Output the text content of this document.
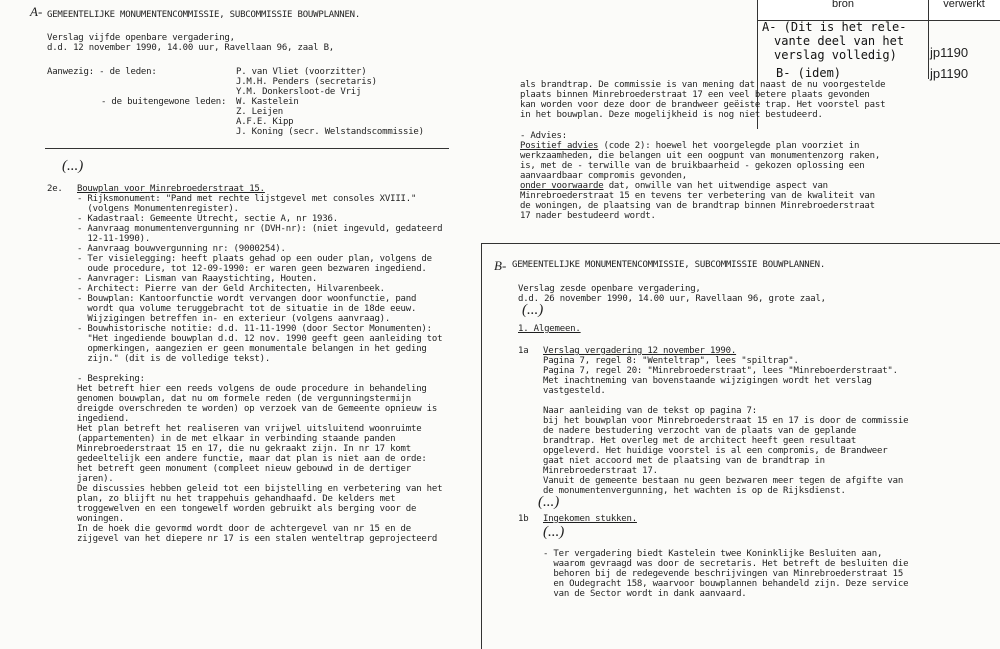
bron	verwerkt
A- (Dit is het rele-
vante deel van het
verslag volledig)
B- (idem)
jp1190
jp1190
A- GEMEENTELIJKE MONUMENTENCOMMISSIE, SUBCOMMISSIE BOUWPLANNEN.
Verslag vijfde openbare vergadering,
d.d. 12 november 1990, 14.00 uur, Ravellaan 96, zaal B,
Aanwezig: - de leden:
- de buitengewone leden:
P. van Vliet (voorzitter)
J.M.H. Penders (secretaris)
Y.M. Donkersloot-de Vrij
W. Kastelein
Z. Leijen
A.F.E. Kipp
J. Koning (secr. Welstandscommissie)
(...)
2e. Bouwplan voor Minrebroederstraat 15.
- Rijksmonument: "Pand met rechte lijstgevel met consoles XVIII."
(volgens Monumentenregister).
- Kadastraal: Gemeente Utrecht, sectie A, nr 1936.
- Aanvraag monumentenvergunning nr (DVH-nr): (niet ingevuld, gedateerd
12-11-1990).
- Aanvraag bouwvergunning nr: (9000254).
- Ter visielegging: heeft plaats gehad op een ouder plan, volgens de
oude procedure, tot 12-09-1990: er waren geen bezwaren ingediend.
- Aanvrager: Lisman van Raaystichting, Houten.
- Architect: Pierre van der Geld Architecten, Hilvarenbeek.
- Bouwplan: Kantoorfunctie wordt vervangen door woonfunctie, pand
wordt qua volume teruggebracht tot de situatie in de 18de eeuw.
Wijzigingen betreffen in- en exterieur (volgens aanvraag).
- Bouwhistorische notitie: d.d. 11-11-1990 (door Sector Monumenten):
"Het ingediende bouwplan d.d. 12 nov. 1990 geeft geen aanleiding tot
opmerkingen, aangezien er geen monumentale belangen in het geding
zijn." (dit is de volledige tekst).

- Bespreking:
Het betreft hier een reeds volgens de oude procedure in behandeling
genomen bouwplan, dat nu om formele reden (de vergunningstermijn
dreigde overschreden te worden) op verzoek van de Gemeente opnieuw is
ingediend.
Het plan betreft het realiseren van vrijwel uitsluitend woonruimte
(appartementen) in de met elkaar in verbinding staande panden
Minrebroederstraat 15 en 17, die nu gekraakt zijn. In nr 17 komt
gedeeltelijk een andere functie, maar dat plan is niet aan de orde:
het betreft geen monument (compleet nieuw gebouwd in de dertiger
jaren).
De discussies hebben geleid tot een bijstelling en verbetering van het
plan, zo blijft nu het trappehuis gehandhaafd. De kelders met
troggewelven en een tongewelf worden gebruikt als berging voor de
woningen.
In de hoek die gevormd wordt door de achtergevel van nr 15 en de
zijgevel van het diepere nr 17 is een stalen wenteltrap geprojecteerd
als brandtrap. De commissie is van mening dat naast de nu voorgestelde
plaats binnen Minrebroederstraat 17 een veel betere plaats gevonden
kan worden voor deze door de brandweer geëiste trap. Het voorstel past
in het bouwplan. Deze mogelijkheid is nog niet bestudeerd.
- Advies:
Positief advies (code 2): hoewel het voorgelegde plan voorziet in
werkzaamheden, die belangen uit een oogpunt van monumentenzorg raken,
is, met de - terwille van de bruikbaarheid - gekozen oplossing een
aanvaardbaar compromis gevonden,
onder voorwaarde dat, onwille van het uitwendige aspect van
Minrebroederstraat 15 en tevens ter verbetering van de kwaliteit van
de woningen, de plaatsing van de brandtrap binnen Minrebroederstraat
17 nader bestudeerd wordt.
B- GEMEENTELIJKE MONUMENTENCOMMISSIE, SUBCOMMISSIE BOUWPLANNEN.
Verslag zesde openbare vergadering,
d.d. 26 november 1990, 14.00 uur, Ravellaan 96, grote zaal,
(...)
1. Algemeen.
1a Verslag vergadering 12 november 1990.
Pagina 7, regel 8: "Wenteltrap", lees "spiltrap".
Pagina 7, regel 20: "Minrebroederstraat", lees "Minreboerderstraat".
Met inachtneming van bovenstaande wijzigingen wordt het verslag
vastgesteld.

Naar aanleiding van de tekst op pagina 7:
bij het bouwplan voor Minrebroederstraat 15 en 17 is door de commissie
de nadere bestudering verzocht van de plaats van de geplande
brandtrap. Het overleg met de architect heeft geen resultaat
opgeleverd. Het huidige voorstel is al een compromis, de Brandweer
gaat niet accoord met de plaatsing van de brandtrap in
Minrebroederstraat 17.
Vanuit de gemeente bestaan nu geen bezwaren meer tegen de afgifte van
de monumentenvergunning, het wachten is op de Rijksdienst.
(...)
1b Ingekomen stukken.
(...)
- Ter vergadering biedt Kastelein twee Koninklijke Besluiten aan,
waarom gevraagd was door de secretaris. Het betreft de besluiten die
behoren bij de redegevende beschrijvingen van Minrebroederstraat 15
en Oudegracht 158, waarvoor bouwplannen behandeld zijn. Deze service
van de Sector wordt in dank aanvaard.
